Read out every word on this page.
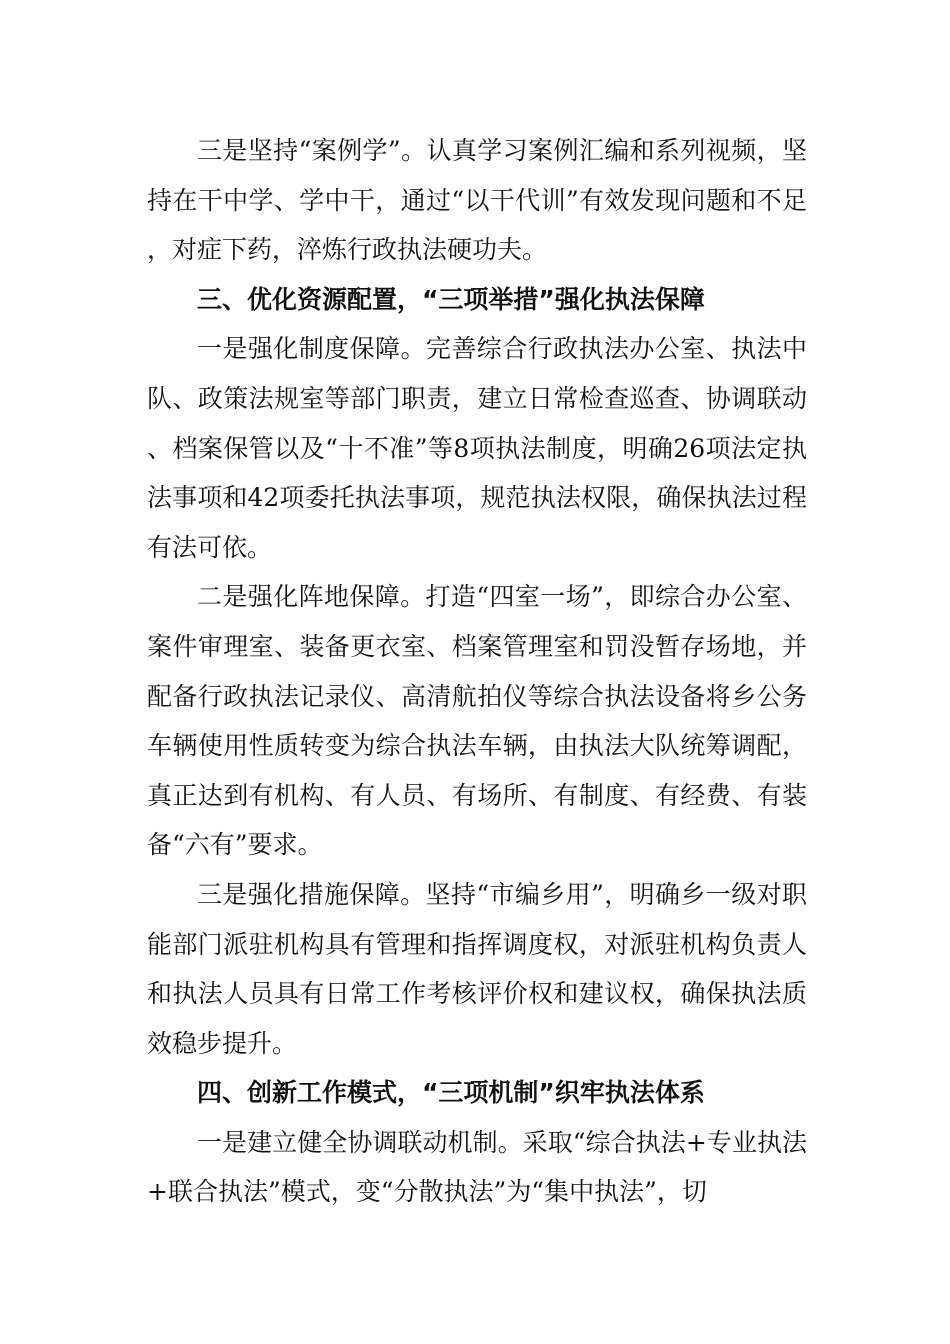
三是坚持“案例学”。认真学习案例汇编和系列视频，坚持在干中学、学中干，通过“以干代训”有效发现问题和不足，对症下药，淬炼行政执法硬功夫。

三、优化资源配置，“三项举措”强化执法保障

一是强化制度保障。完善综合行政执法办公室、执法中队、政策法规室等部门职责，建立日常检查巡查、协调联动、档案保管以及“十不准”等8项执法制度，明确26项法定执法事项和42项委托执法事项，规范执法权限，确保执法过程有法可依。

二是强化阵地保障。打造“四室一场”，即综合办公室、案件审理室、装备更衣室、档案管理室和罚没暂存场地，并配备行政执法记录仪、高清航拍仪等综合执法设备将乡公务车辆使用性质转变为综合执法车辆，由执法大队统筹调配，真正达到有机构、有人员、有场所、有制度、有经费、有装备“六有”要求。

三是强化措施保障。坚持“市编乡用”，明确乡一级对职能部门派驻机构具有管理和指挥调度权，对派驻机构负责人和执法人员具有日常工作考核评价权和建议权，确保执法质效稳步提升。

四、创新工作模式，“三项机制”织牢执法体系

一是建立健全协调联动机制。采取“综合执法+专业执法+联合执法”模式，变“分散执法”为“集中执法”，切
